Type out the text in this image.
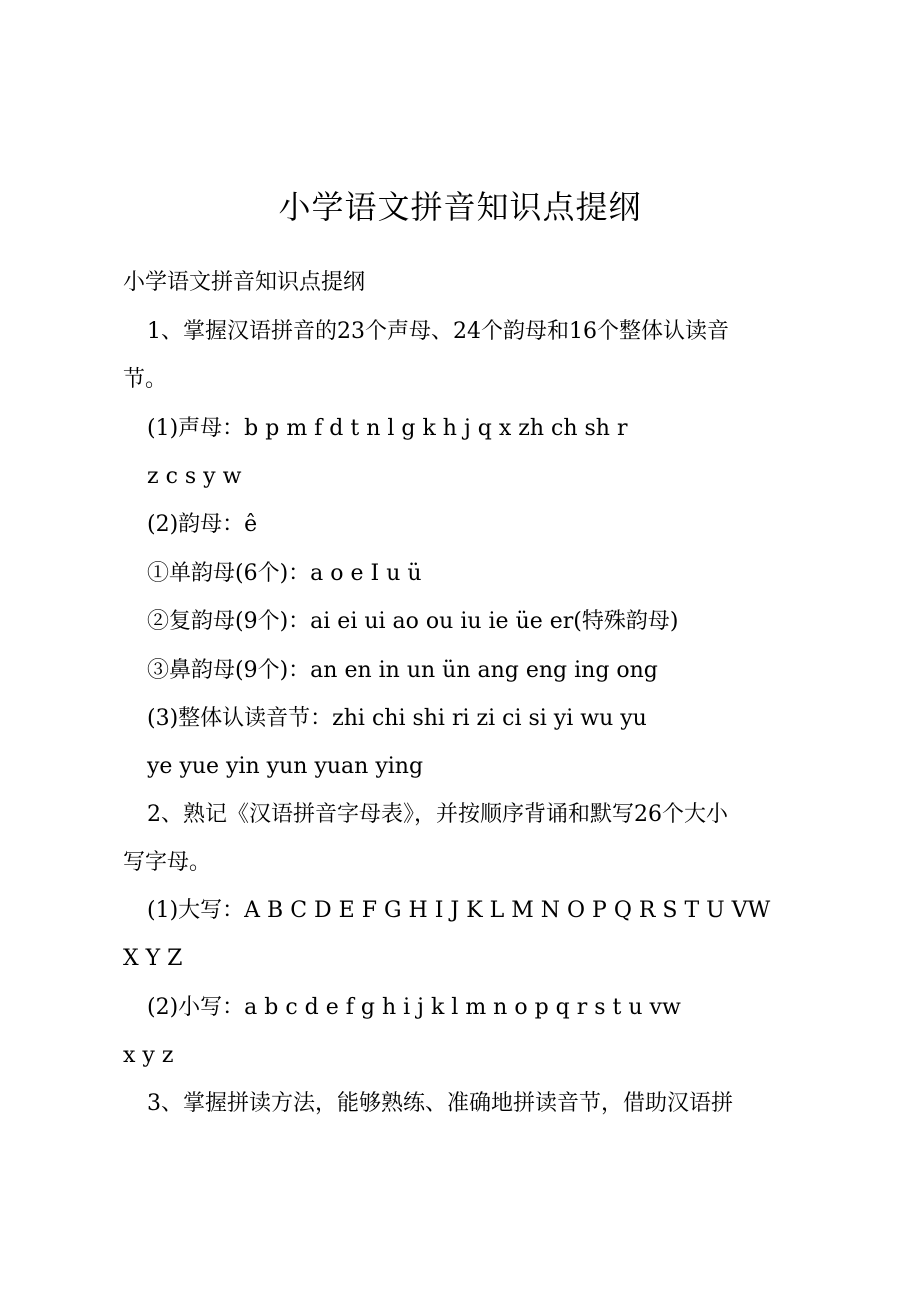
小学语文拼音知识点提纲
小学语文拼音知识点提纲
1、掌握汉语拼音的23个声母、24个韵母和16个整体认读音
节。
(1)声母：b p m f d t n l g k h j q x zh ch sh r
z c s y w
(2)韵母：ê
①单韵母(6个)：a o e I u ü
②复韵母(9个)：ai ei ui ao ou iu ie üe er(特殊韵母)
③鼻韵母(9个)：an en in un ün ang eng ing ong
(3)整体认读音节：zhi chi shi ri zi ci si yi wu yu
ye yue yin yun yuan ying
2、熟记《汉语拼音字母表》，并按顺序背诵和默写26个大小
写字母。
(1)大写：A B C D E F G H I J K L M N O P Q R S T U VW
X Y Z
(2)小写：a b c d e f g h i j k l m n o p q r s t u vw
x y z
3、掌握拼读方法，能够熟练、准确地拼读音节，借助汉语拼
